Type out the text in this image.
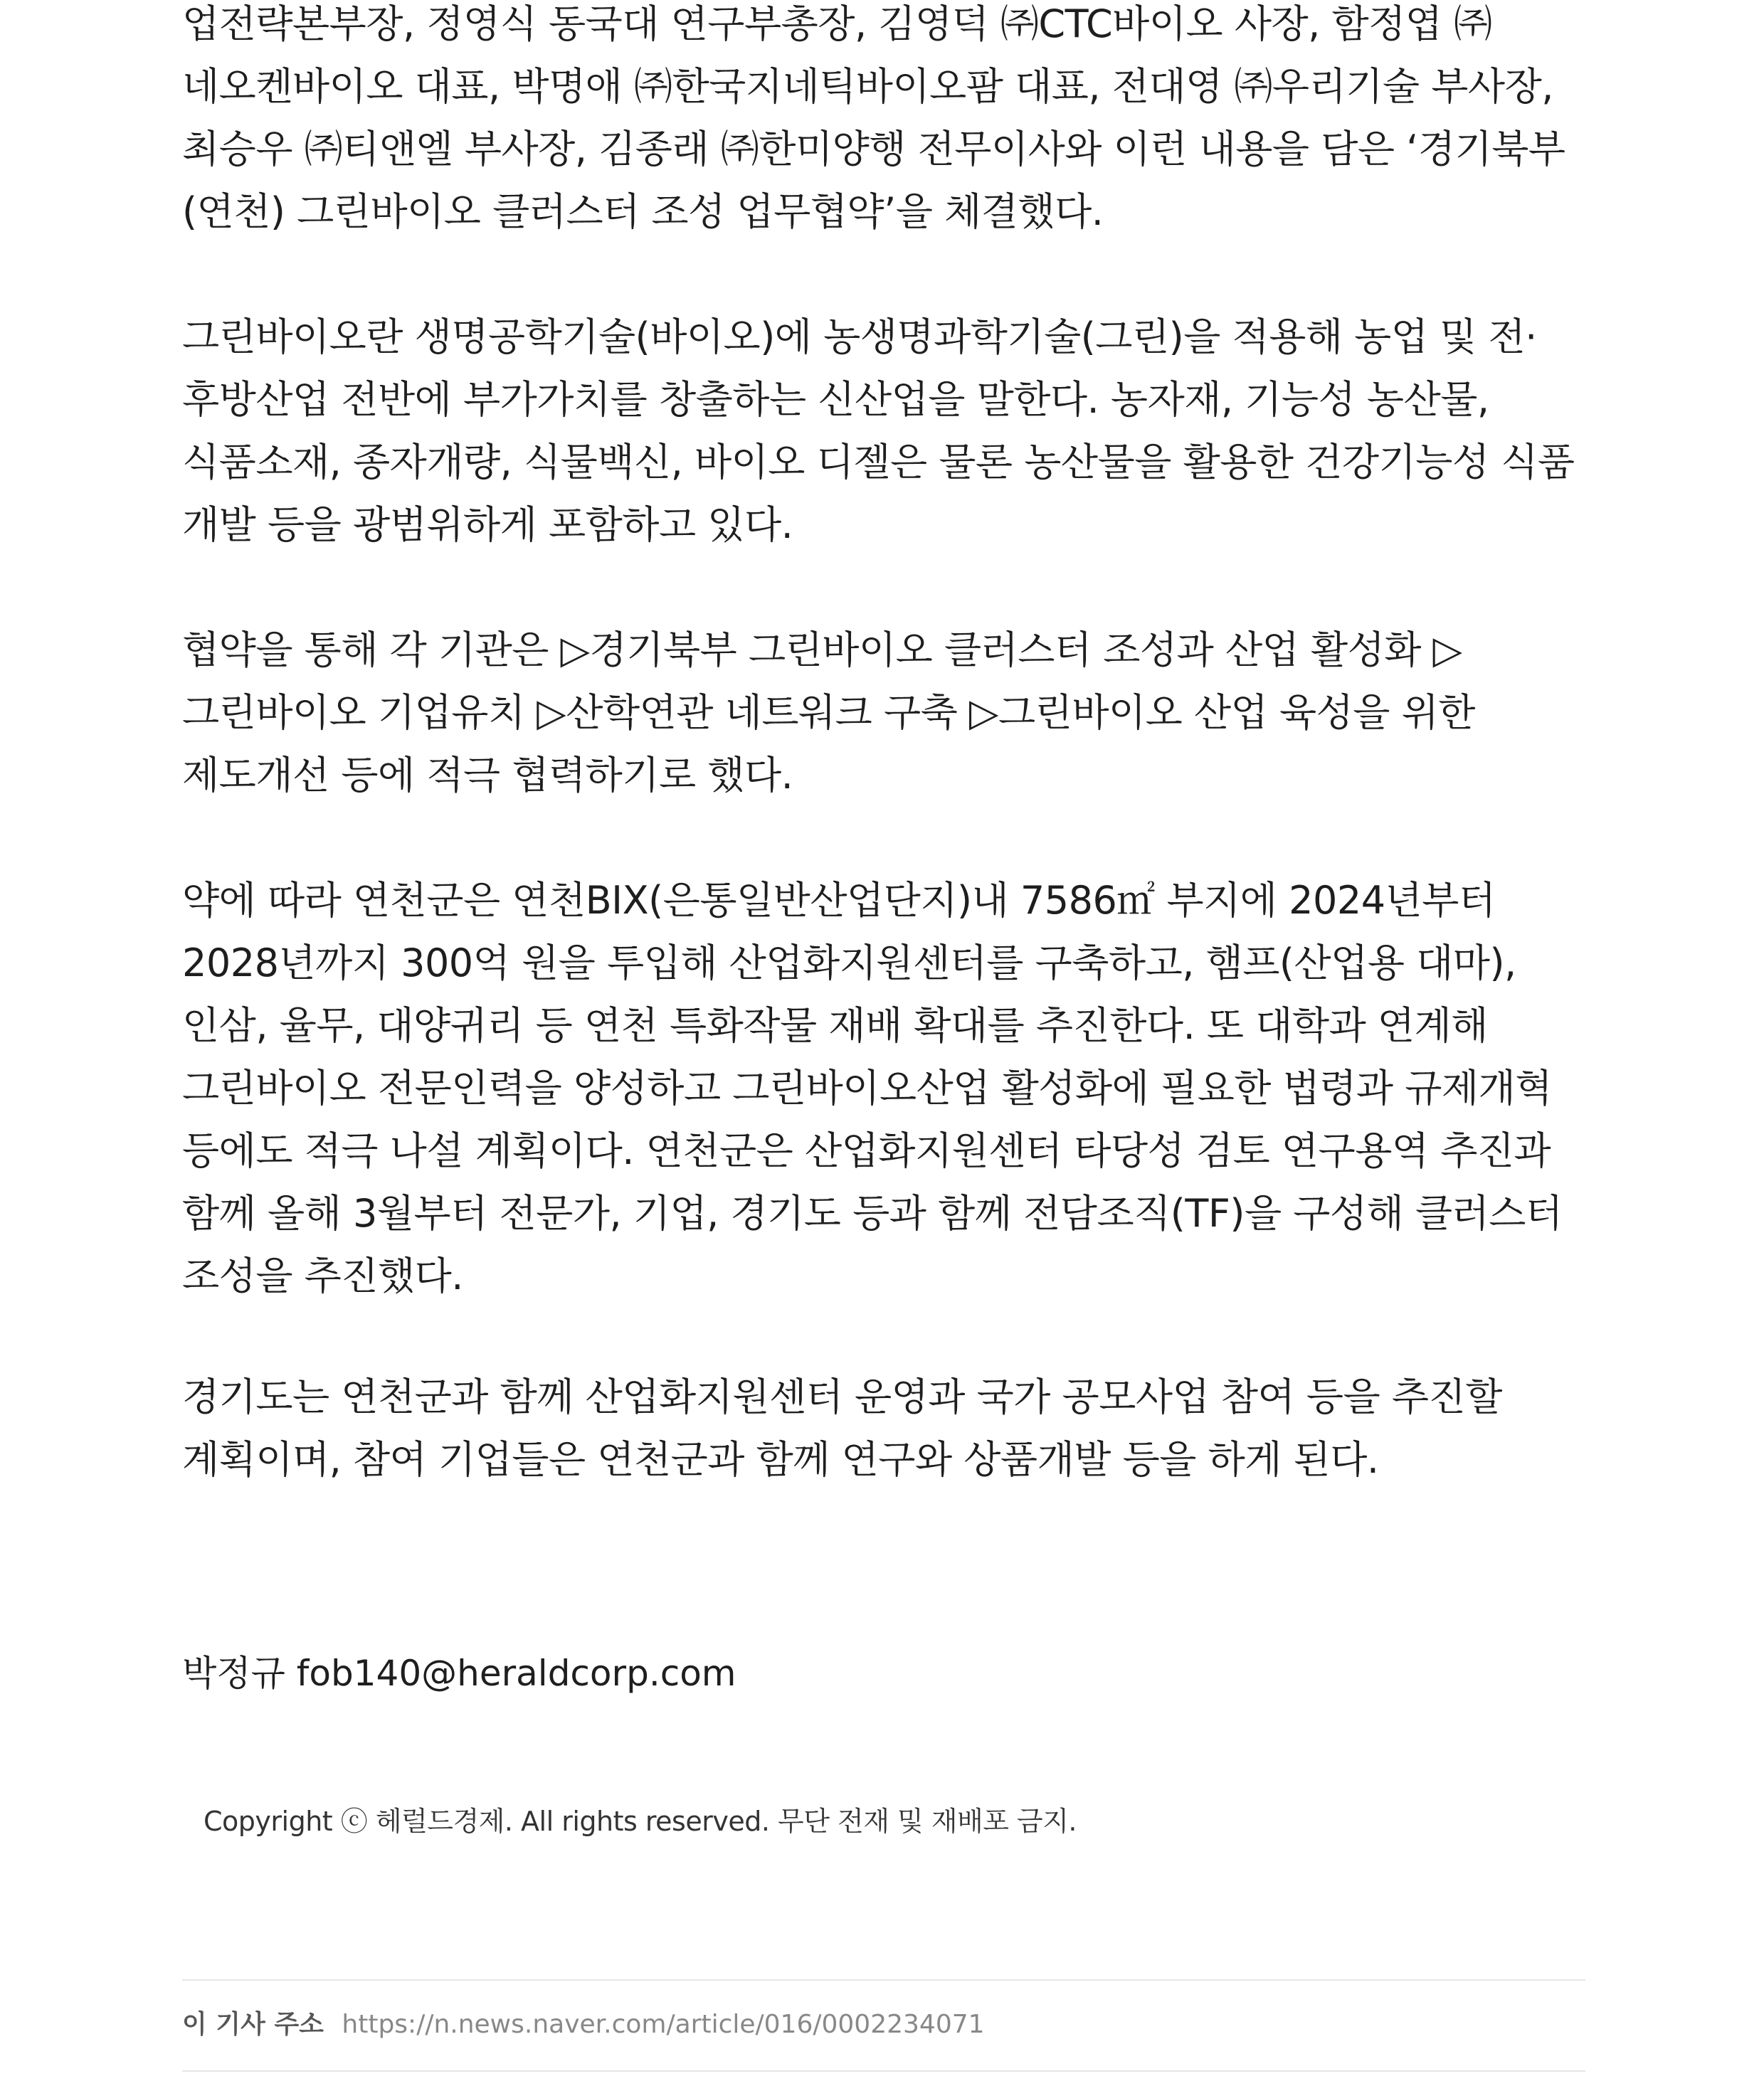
업전략본부장, 정영식 동국대 연구부총장, 김영덕 ㈜CTC바이오 사장, 함정엽 ㈜네오켄바이오 대표, 박명애 ㈜한국지네틱바이오팜 대표, 전대영 ㈜우리기술 부사장, 최승우 ㈜티앤엘 부사장, 김종래 ㈜한미양행 전무이사와 이런 내용을 담은 ‘경기북부(연천) 그린바이오 클러스터 조성 업무협약’을 체결했다.

그린바이오란 생명공학기술(바이오)에 농생명과학기술(그린)을 적용해 농업 및 전·후방산업 전반에 부가가치를 창출하는 신산업을 말한다. 농자재, 기능성 농산물, 식품소재, 종자개량, 식물백신, 바이오 디젤은 물론 농산물을 활용한 건강기능성 식품 개발 등을 광범위하게 포함하고 있다.

협약을 통해 각 기관은 ▷경기북부 그린바이오 클러스터 조성과 산업 활성화 ▷그린바이오 기업유치 ▷산학연관 네트워크 구축 ▷그린바이오 산업 육성을 위한 제도개선 등에 적극 협력하기로 했다.

약에 따라 연천군은 연천BIX(은통일반산업단지)내 7586㎡ 부지에 2024년부터 2028년까지 300억 원을 투입해 산업화지원센터를 구축하고, 햄프(산업용 대마), 인삼, 율무, 대양귀리 등 연천 특화작물 재배 확대를 추진한다. 또 대학과 연계해 그린바이오 전문인력을 양성하고 그린바이오산업 활성화에 필요한 법령과 규제개혁 등에도 적극 나설 계획이다. 연천군은 산업화지원센터 타당성 검토 연구용역 추진과 함께 올해 3월부터 전문가, 기업, 경기도 등과 함께 전담조직(TF)을 구성해 클러스터 조성을 추진했다.

경기도는 연천군과 함께 산업화지원센터 운영과 국가 공모사업 참여 등을 추진할 계획이며, 참여 기업들은 연천군과 함께 연구와 상품개발 등을 하게 된다.

박정규 fob140@heraldcorp.com
Copyright ⓒ 헤럴드경제. All rights reserved. 무단 전재 및 재배포 금지.
이 기사 주소 https://n.news.naver.com/article/016/0002234071
